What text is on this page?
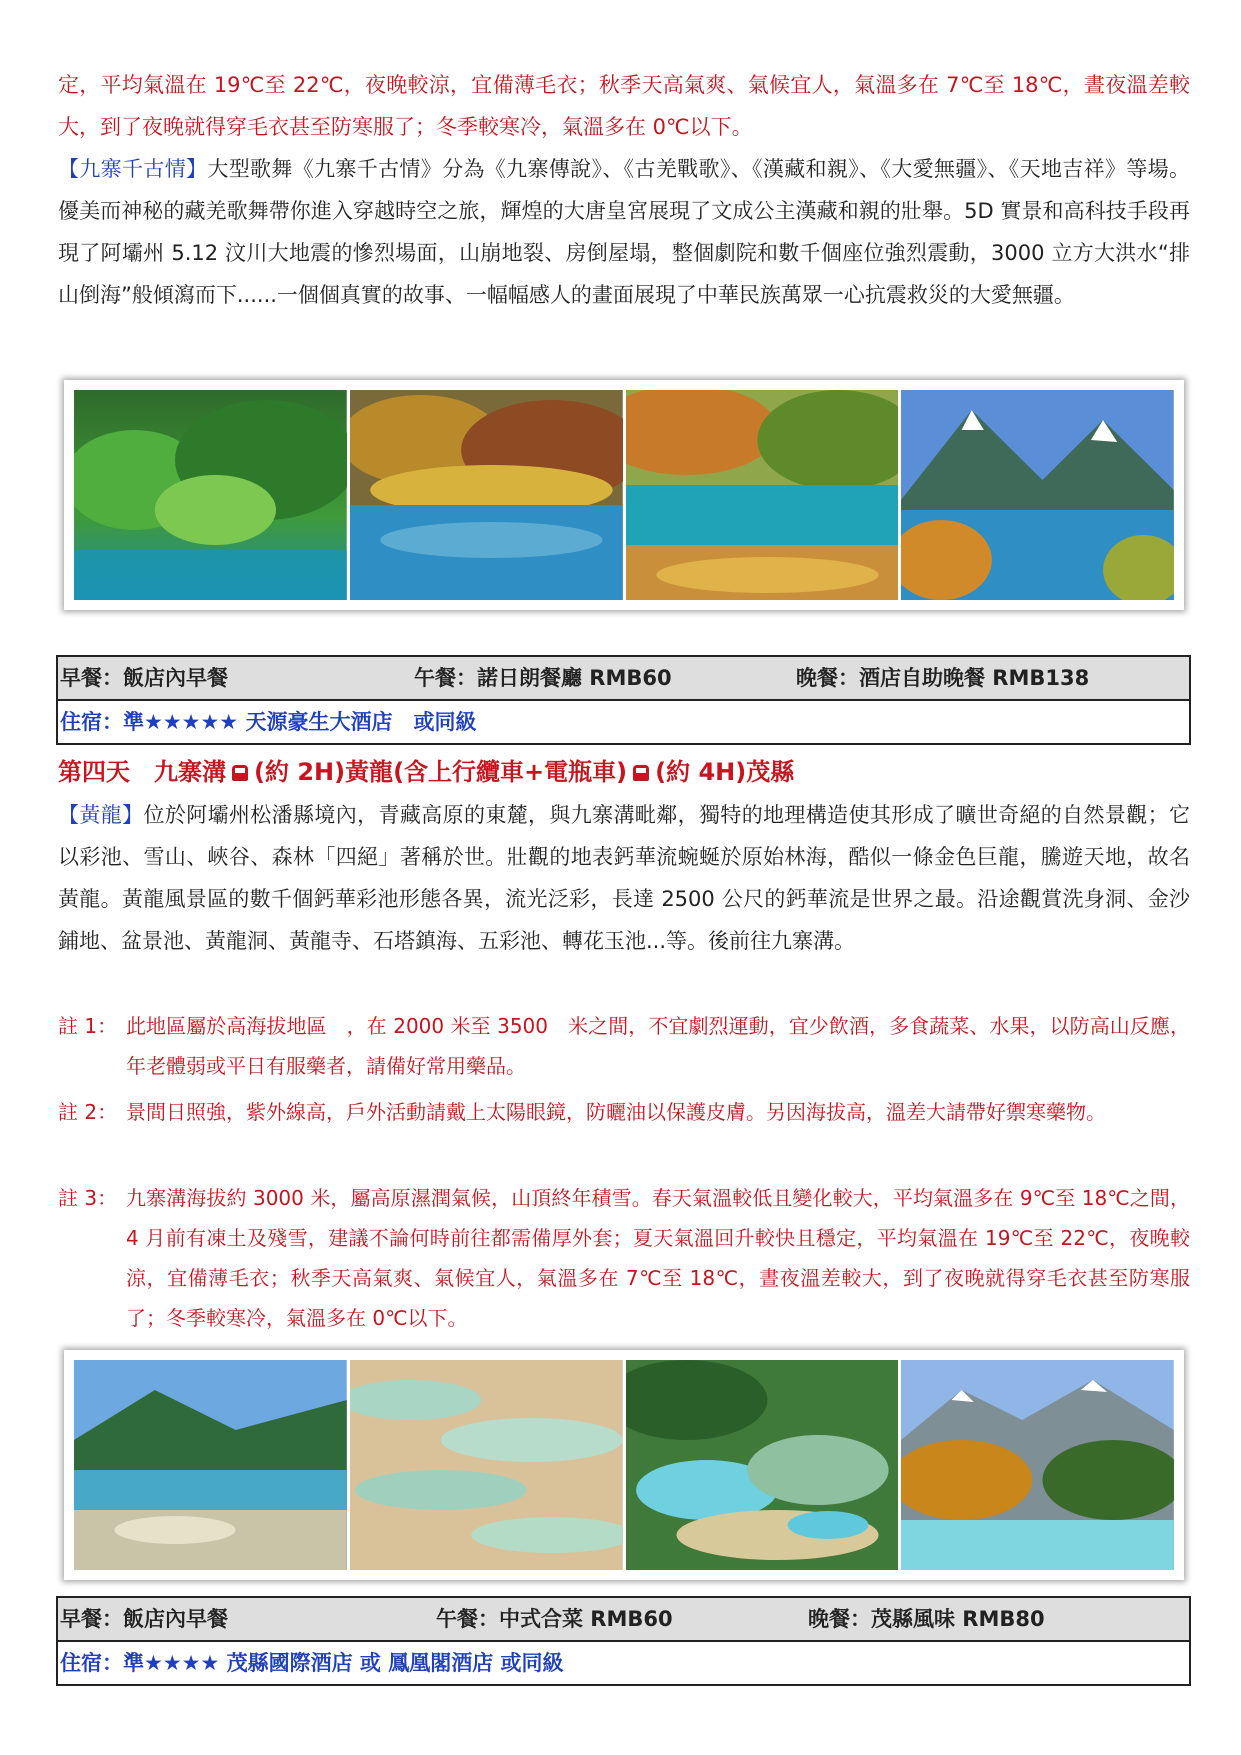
定，平均氣溫在 19℃至 22℃，夜晚較涼，宜備薄毛衣；秋季天高氣爽、氣候宜人，氣溫多在 7℃至 18℃，晝夜溫差較大，到了夜晚就得穿毛衣甚至防寒服了；冬季較寒冷，氣溫多在 0℃以下。
【九寨千古情】大型歌舞《九寨千古情》分為《九寨傳說》、《古羌戰歌》、《漢藏和親》、《大愛無疆》、《天地吉祥》等場。優美而神秘的藏羌歌舞帶你進入穿越時空之旅，輝煌的大唐皇宮展現了文成公主漢藏和親的壯舉。5D 實景和高科技手段再現了阿壩州 5.12 汶川大地震的慘烈場面，山崩地裂、房倒屋塌，整個劇院和數千個座位強烈震動，3000 立方大洪水“排山倒海”般傾瀉而下......一個個真實的故事、一幅幅感人的畫面展現了中華民族萬眾一心抗震救災的大愛無疆。
早餐：飯店內早餐	午餐：諾日朗餐廳 RMB60	晚餐：酒店自助晚餐 RMB138
住宿：準★★★★★ 天源豪生大酒店　或同級
第四天　九寨溝 (約 2H)黃龍(含上行纜車+電瓶車) (約 4H)茂縣
【黃龍】位於阿壩州松潘縣境內，青藏高原的東麓，與九寨溝毗鄰，獨特的地理構造使其形成了曠世奇絕的自然景觀；它以彩池、雪山、峽谷、森林「四絕」著稱於世。壯觀的地表鈣華流蜿蜒於原始林海，酷似一條金色巨龍，騰遊天地，故名黃龍。黃龍風景區的數千個鈣華彩池形態各異，流光泛彩，長達 2500 公尺的鈣華流是世界之最。沿途觀賞洗身洞、金沙鋪地、盆景池、黃龍洞、黃龍寺、石塔鎮海、五彩池、轉花玉池...等。後前往九寨溝。
註 1： 此地區屬於高海拔地區　，在 2000 米至 3500　米之間，不宜劇烈運動，宜少飲酒，多食蔬菜、水果，以防高山反應，年老體弱或平日有服藥者，請備好常用藥品。
註 2： 景間日照強，紫外線高，戶外活動請戴上太陽眼鏡，防曬油以保護皮膚。另因海拔高，溫差大請帶好禦寒藥物。
註 3： 九寨溝海拔約 3000 米，屬高原濕潤氣候，山頂終年積雪。春天氣溫較低且變化較大，平均氣溫多在 9℃至 18℃之間，4 月前有凍土及殘雪，建議不論何時前往都需備厚外套；夏天氣溫回升較快且穩定，平均氣溫在 19℃至 22℃，夜晚較涼，宜備薄毛衣；秋季天高氣爽、氣候宜人，氣溫多在 7℃至 18℃，晝夜溫差較大，到了夜晚就得穿毛衣甚至防寒服了；冬季較寒冷，氣溫多在 0℃以下。
早餐：飯店內早餐	午餐：中式合菜 RMB60	晚餐：茂縣風味 RMB80
住宿：準★★★★ 茂縣國際酒店 或 鳳凰閣酒店 或同級
